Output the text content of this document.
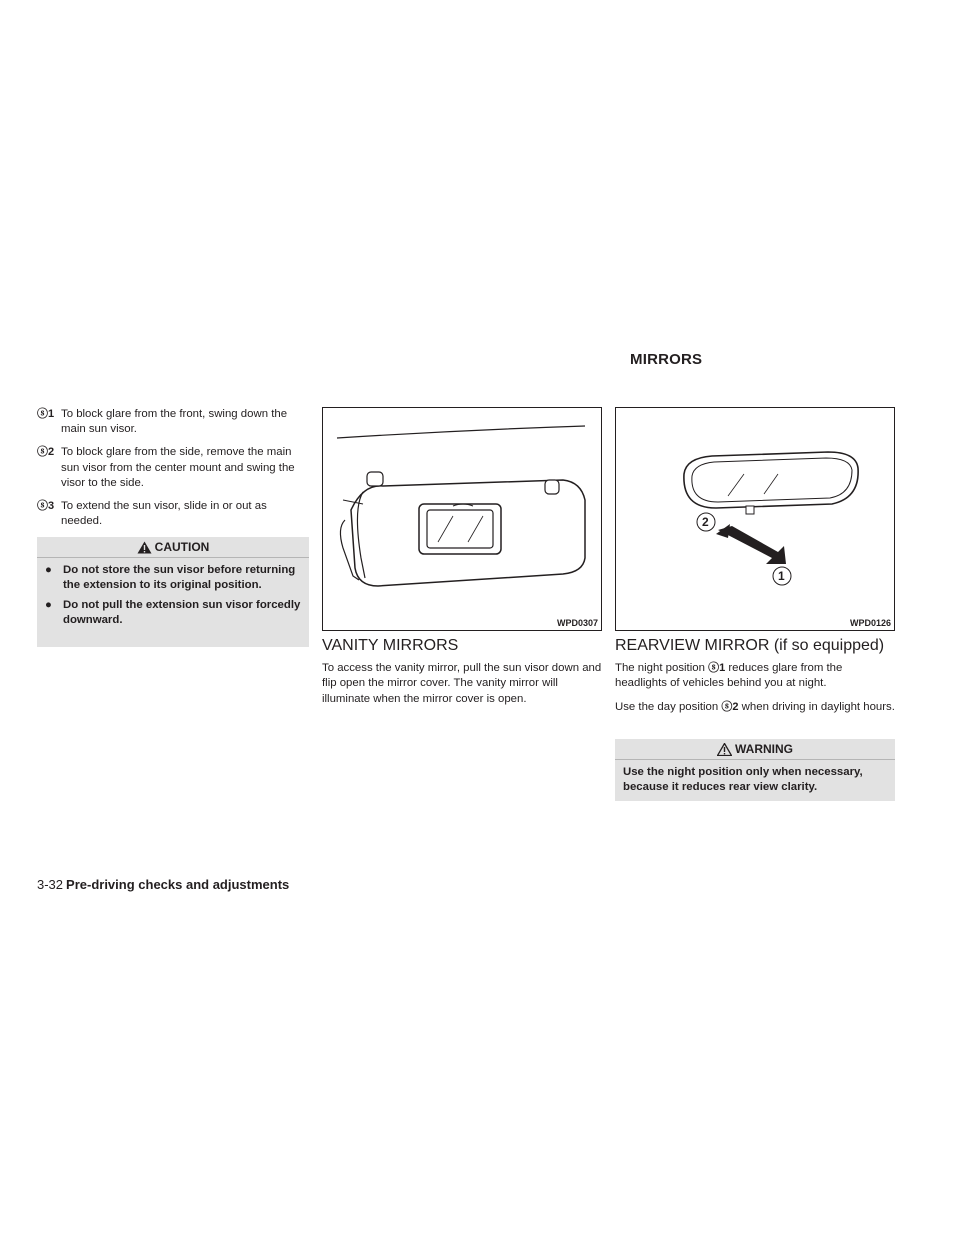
MIRRORS
ⓢ1 To block glare from the front, swing down the main sun visor.
ⓢ2 To block glare from the side, remove the main sun visor from the center mount and swing the visor to the side.
ⓢ3 To extend the sun visor, slide in or out as needed.
CAUTION
● Do not store the sun visor before returning the extension to its original position.
● Do not pull the extension sun visor forcedly downward.	WPD0307
2
1
WPD0126
VANITY MIRRORS
To access the vanity mirror, pull the sun visor down and flip open the mirror cover. The vanity mirror will illuminate when the mirror cover is open.
REARVIEW MIRROR (if so equipped)
The night position ⓢ1 reduces glare from the headlights of vehicles behind you at night.
Use the day position ⓢ2 when driving in daylight hours.
WARNING
Use the night position only when necessary, because it reduces rear view clarity.
3-32 Pre-driving checks and adjustments
